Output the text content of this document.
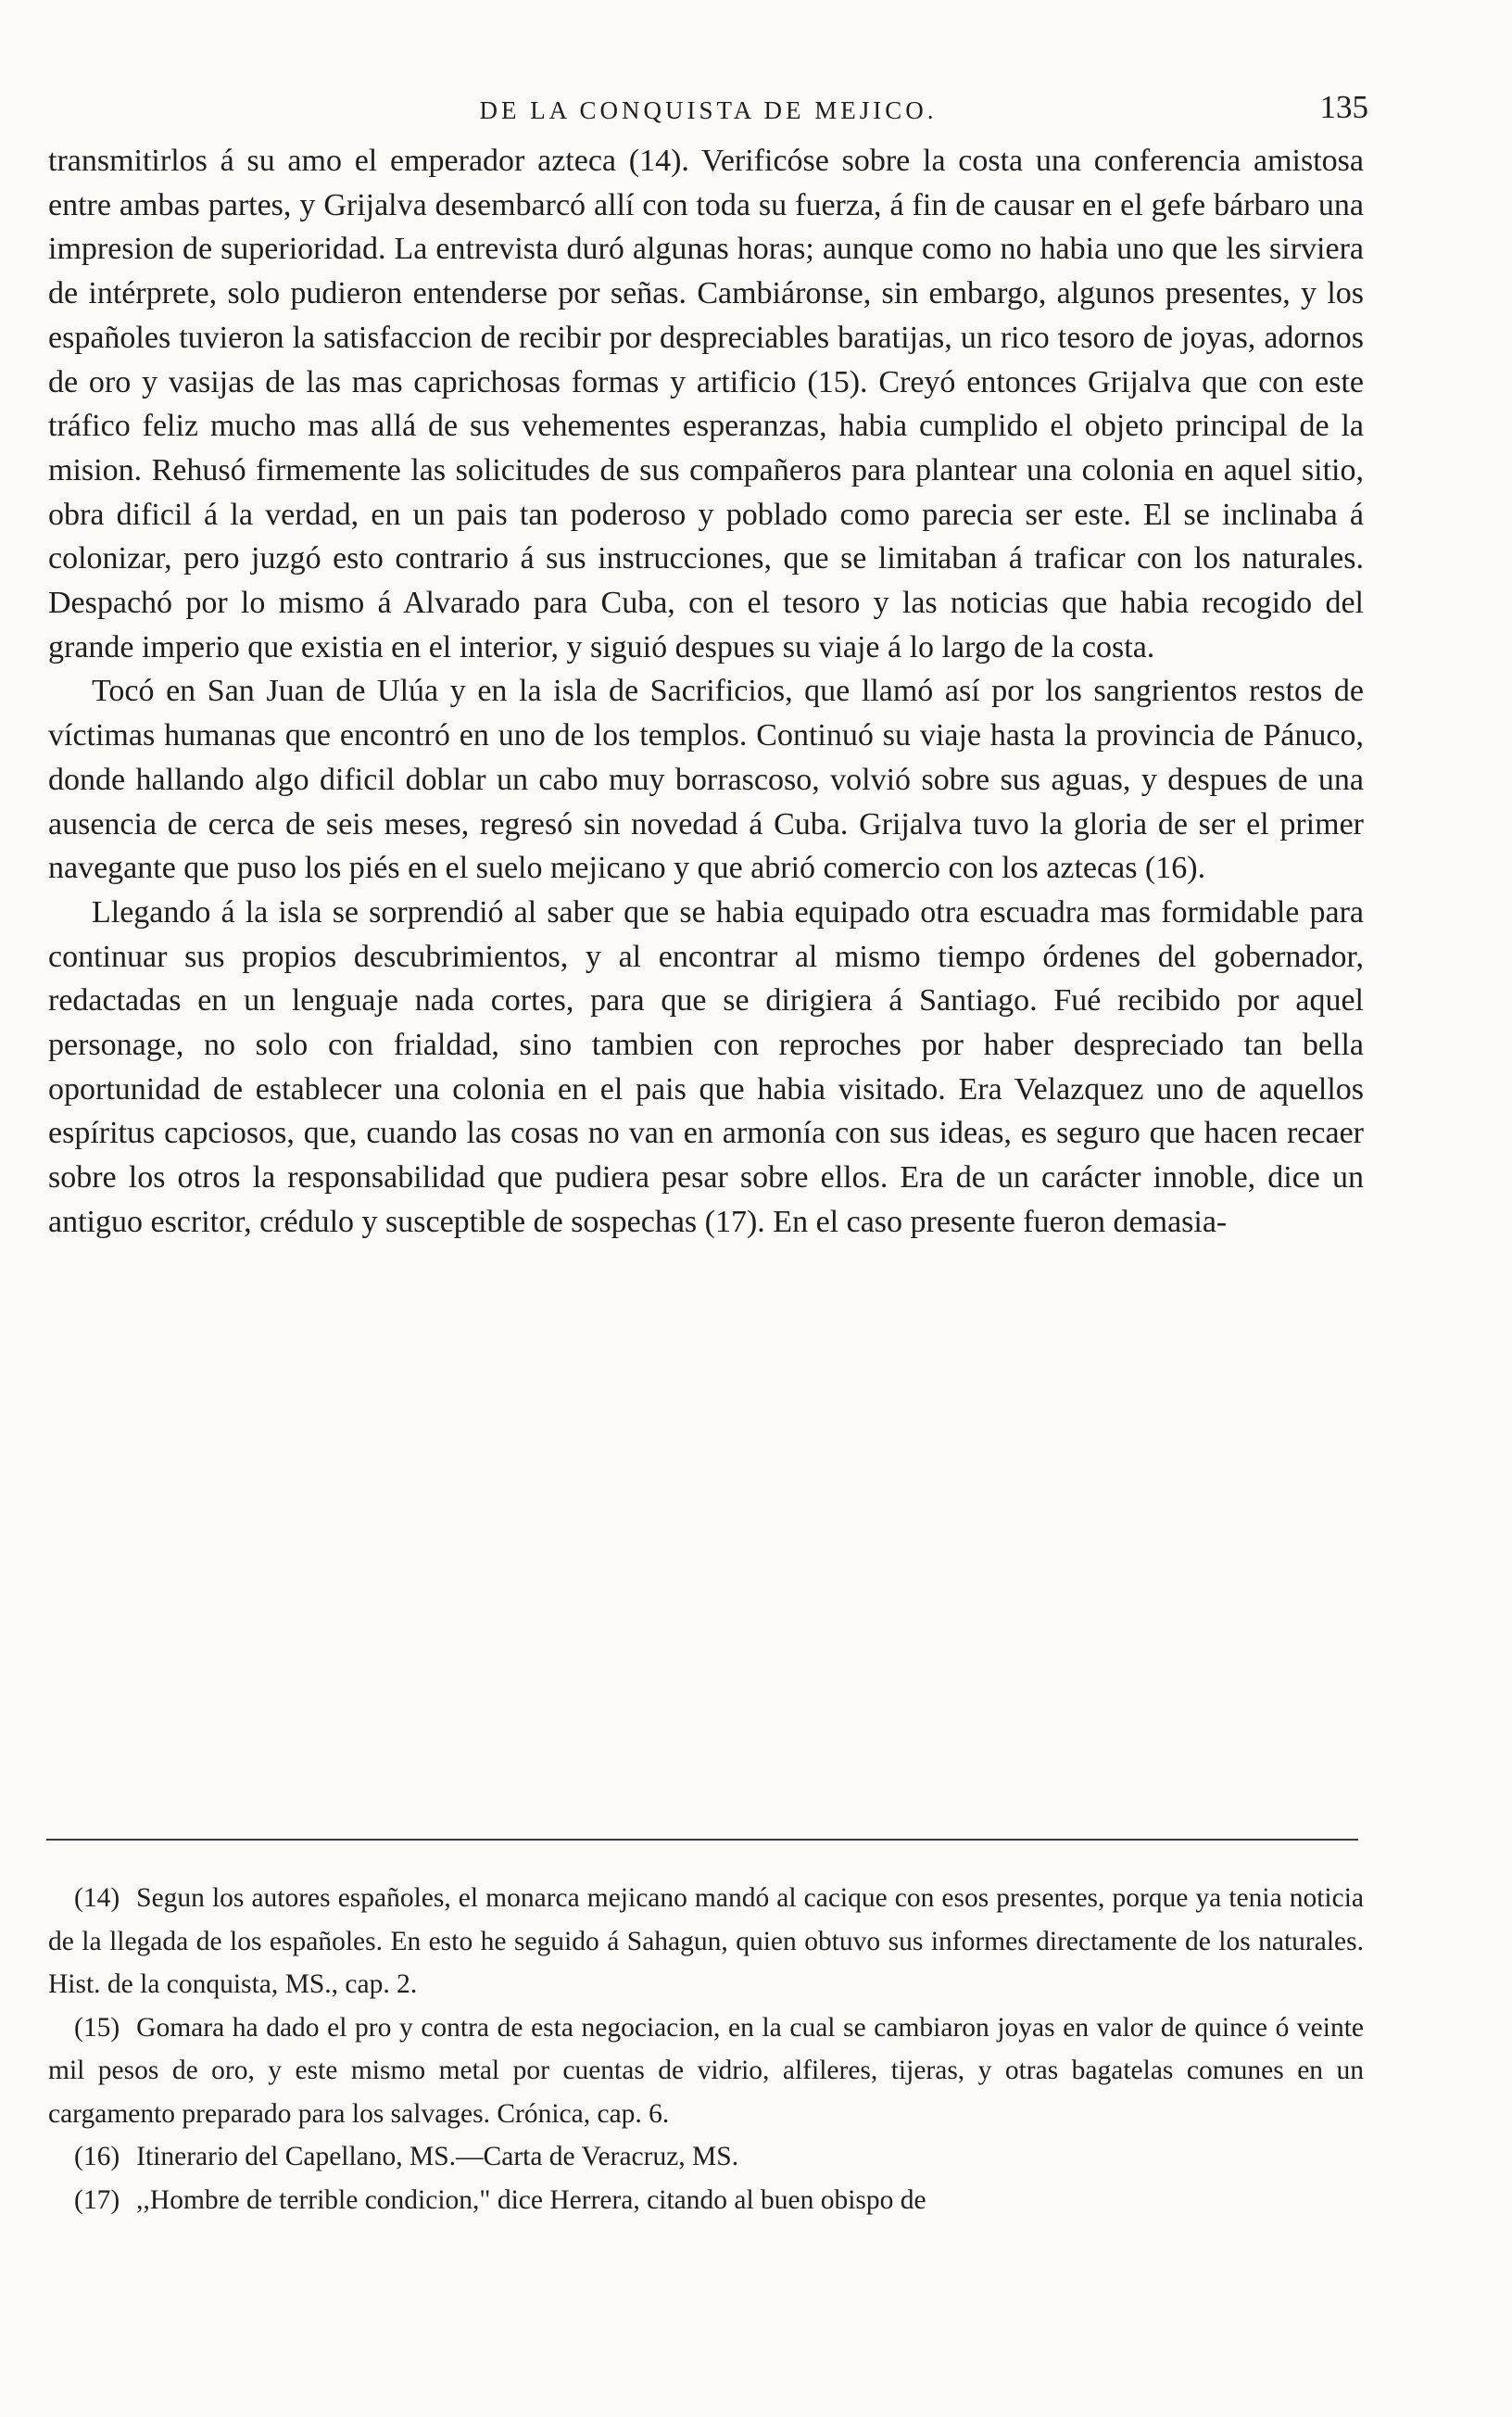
DE LA CONQUISTA DE MEJICO.	135

transmitirlos á su amo el emperador azteca (14). Verificóse sobre la costa una conferencia amistosa entre ambas partes, y Grijalva desembarcó allí con toda su fuerza, á fin de causar en el gefe bárbaro una impresion de superioridad. La entrevista duró algunas horas; aunque como no habia uno que les sirviera de intérprete, solo pudieron entenderse por señas. Cambiáronse, sin embargo, algunos presentes, y los españoles tuvieron la satisfaccion de recibir por despreciables baratijas, un rico tesoro de joyas, adornos de oro y vasijas de las mas caprichosas formas y artificio (15). Creyó entonces Grijalva que con este tráfico feliz mucho mas allá de sus vehementes esperanzas, habia cumplido el objeto principal de la mision. Rehusó firmemente las solicitudes de sus compañeros para plantear una colonia en aquel sitio, obra dificil á la verdad, en un pais tan poderoso y poblado como parecia ser este. El se inclinaba á colonizar, pero juzgó esto contrario á sus instrucciones, que se limitaban á traficar con los naturales. Despachó por lo mismo á Alvarado para Cuba, con el tesoro y las noticias que habia recogido del grande imperio que existia en el interior, y siguió despues su viaje á lo largo de la costa.

Tocó en San Juan de Ulúa y en la isla de Sacrificios, que llamó así por los sangrientos restos de víctimas humanas que encontró en uno de los templos. Continuó su viaje hasta la provincia de Pánuco, donde hallando algo dificil doblar un cabo muy borrascoso, volvió sobre sus aguas, y despues de una ausencia de cerca de seis meses, regresó sin novedad á Cuba. Grijalva tuvo la gloria de ser el primer navegante que puso los piés en el suelo mejicano y que abrió comercio con los aztecas (16).

Llegando á la isla se sorprendió al saber que se habia equipado otra escuadra mas formidable para continuar sus propios descubrimientos, y al encontrar al mismo tiempo órdenes del gobernador, redactadas en un lenguaje nada cortes, para que se dirigiera á Santiago. Fué recibido por aquel personage, no solo con frialdad, sino tambien con reproches por haber despreciado tan bella oportunidad de establecer una colonia en el pais que habia visitado. Era Velazquez uno de aquellos espíritus capciosos, que, cuando las cosas no van en armonía con sus ideas, es seguro que hacen recaer sobre los otros la responsabilidad que pudiera pesar sobre ellos. Era de un carácter innoble, dice un antiguo escritor, crédulo y susceptible de sospechas (17). En el caso presente fueron demasia-

(14) Segun los autores españoles, el monarca mejicano mandó al cacique con esos presentes, porque ya tenia noticia de la llegada de los españoles. En esto he seguido á Sahagun, quien obtuvo sus informes directamente de los naturales. Hist. de la conquista, MS., cap. 2.

(15) Gomara ha dado el pro y contra de esta negociacion, en la cual se cambiaron joyas en valor de quince ó veinte mil pesos de oro, y este mismo metal por cuentas de vidrio, alfileres, tijeras, y otras bagatelas comunes en un cargamento preparado para los salvages. Crónica, cap. 6.

(16) Itinerario del Capellano, MS.—Carta de Veracruz, MS.

(17) ,,Hombre de terrible condicion," dice Herrera, citando al buen obispo de
